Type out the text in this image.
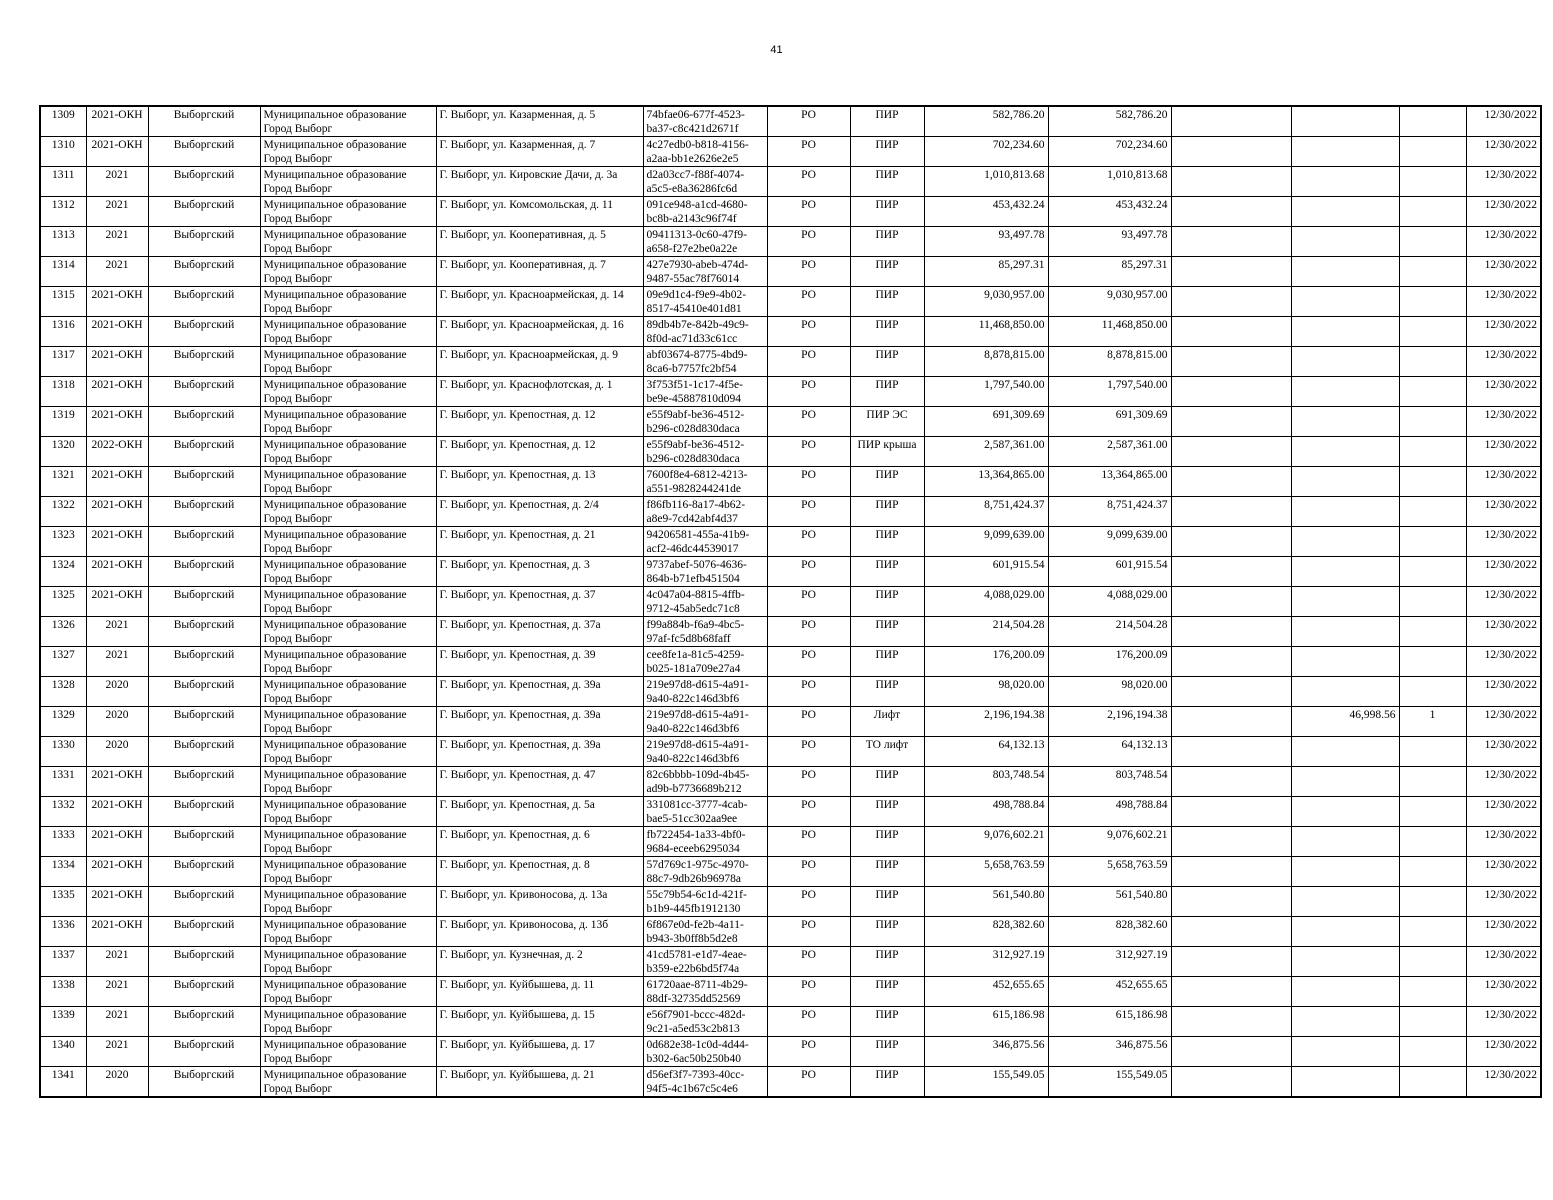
41
1309	2021-ОКН	Выборгский	Муниципальное образование Город Выборг	Г. Выборг, ул. Казарменная, д. 5	74bfae06-677f-4523-ba37-c8c421d2671f	РО	ПИР	582,786.20	582,786.20				12/30/2022
1310	2021-ОКН	Выборгский	Муниципальное образование Город Выборг	Г. Выборг, ул. Казарменная, д. 7	4c27edb0-b818-4156-a2aa-bb1e2626e2e5	РО	ПИР	702,234.60	702,234.60				12/30/2022
1311	2021	Выборгский	Муниципальное образование Город Выборг	Г. Выборг, ул. Кировские Дачи, д. 3а	d2a03cc7-f88f-4074-a5c5-e8a36286fc6d	РО	ПИР	1,010,813.68	1,010,813.68				12/30/2022
1312	2021	Выборгский	Муниципальное образование Город Выборг	Г. Выборг, ул. Комсомольская, д. 11	091ce948-a1cd-4680-bc8b-a2143c96f74f	РО	ПИР	453,432.24	453,432.24				12/30/2022
1313	2021	Выборгский	Муниципальное образование Город Выборг	Г. Выборг, ул. Кооперативная, д. 5	09411313-0c60-47f9-a658-f27e2be0a22e	РО	ПИР	93,497.78	93,497.78				12/30/2022
1314	2021	Выборгский	Муниципальное образование Город Выборг	Г. Выборг, ул. Кооперативная, д. 7	427e7930-abeb-474d-9487-55ac78f76014	РО	ПИР	85,297.31	85,297.31				12/30/2022
1315	2021-ОКН	Выборгский	Муниципальное образование Город Выборг	Г. Выборг, ул. Красноармейская, д. 14	09e9d1c4-f9e9-4b02-8517-45410e401d81	РО	ПИР	9,030,957.00	9,030,957.00				12/30/2022
1316	2021-ОКН	Выборгский	Муниципальное образование Город Выборг	Г. Выборг, ул. Красноармейская, д. 16	89db4b7e-842b-49c9-8f0d-ac71d33c61cc	РО	ПИР	11,468,850.00	11,468,850.00				12/30/2022
1317	2021-ОКН	Выборгский	Муниципальное образование Город Выборг	Г. Выборг, ул. Красноармейская, д. 9	abf03674-8775-4bd9-8ca6-b7757fc2bf54	РО	ПИР	8,878,815.00	8,878,815.00				12/30/2022
1318	2021-ОКН	Выборгский	Муниципальное образование Город Выборг	Г. Выборг, ул. Краснофлотская, д. 1	3f753f51-1c17-4f5e-be9e-45887810d094	РО	ПИР	1,797,540.00	1,797,540.00				12/30/2022
1319	2021-ОКН	Выборгский	Муниципальное образование Город Выборг	Г. Выборг, ул. Крепостная, д. 12	e55f9abf-be36-4512-b296-c028d830daca	РО	ПИР ЭС	691,309.69	691,309.69				12/30/2022
1320	2022-ОКН	Выборгский	Муниципальное образование Город Выборг	Г. Выборг, ул. Крепостная, д. 12	e55f9abf-be36-4512-b296-c028d830daca	РО	ПИР крыша	2,587,361.00	2,587,361.00				12/30/2022
1321	2021-ОКН	Выборгский	Муниципальное образование Город Выборг	Г. Выборг, ул. Крепостная, д. 13	7600f8e4-6812-4213-a551-9828244241de	РО	ПИР	13,364,865.00	13,364,865.00				12/30/2022
1322	2021-ОКН	Выборгский	Муниципальное образование Город Выборг	Г. Выборг, ул. Крепостная, д. 2/4	f86fb116-8a17-4b62-a8e9-7cd42abf4d37	РО	ПИР	8,751,424.37	8,751,424.37				12/30/2022
1323	2021-ОКН	Выборгский	Муниципальное образование Город Выборг	Г. Выборг, ул. Крепостная, д. 21	94206581-455a-41b9-acf2-46dc44539017	РО	ПИР	9,099,639.00	9,099,639.00				12/30/2022
1324	2021-ОКН	Выборгский	Муниципальное образование Город Выборг	Г. Выборг, ул. Крепостная, д. 3	9737abef-5076-4636-864b-b71efb451504	РО	ПИР	601,915.54	601,915.54				12/30/2022
1325	2021-ОКН	Выборгский	Муниципальное образование Город Выборг	Г. Выборг, ул. Крепостная, д. 37	4c047a04-8815-4ffb-9712-45ab5edc71c8	РО	ПИР	4,088,029.00	4,088,029.00				12/30/2022
1326	2021	Выборгский	Муниципальное образование Город Выборг	Г. Выборг, ул. Крепостная, д. 37а	f99a884b-f6a9-4bc5-97af-fc5d8b68faff	РО	ПИР	214,504.28	214,504.28				12/30/2022
1327	2021	Выборгский	Муниципальное образование Город Выборг	Г. Выборг, ул. Крепостная, д. 39	cee8fe1a-81c5-4259-b025-181a709e27a4	РО	ПИР	176,200.09	176,200.09				12/30/2022
1328	2020	Выборгский	Муниципальное образование Город Выборг	Г. Выборг, ул. Крепостная, д. 39а	219e97d8-d615-4a91-9a40-822c146d3bf6	РО	ПИР	98,020.00	98,020.00				12/30/2022
1329	2020	Выборгский	Муниципальное образование Город Выборг	Г. Выборг, ул. Крепостная, д. 39а	219e97d8-d615-4a91-9a40-822c146d3bf6	РО	Лифт	2,196,194.38	2,196,194.38		46,998.56	1	12/30/2022
1330	2020	Выборгский	Муниципальное образование Город Выборг	Г. Выборг, ул. Крепостная, д. 39а	219e97d8-d615-4a91-9a40-822c146d3bf6	РО	ТО лифт	64,132.13	64,132.13				12/30/2022
1331	2021-ОКН	Выборгский	Муниципальное образование Город Выборг	Г. Выборг, ул. Крепостная, д. 47	82c6bbbb-109d-4b45-ad9b-b7736689b212	РО	ПИР	803,748.54	803,748.54				12/30/2022
1332	2021-ОКН	Выборгский	Муниципальное образование Город Выборг	Г. Выборг, ул. Крепостная, д. 5а	331081cc-3777-4cab-bae5-51cc302aa9ee	РО	ПИР	498,788.84	498,788.84				12/30/2022
1333	2021-ОКН	Выборгский	Муниципальное образование Город Выборг	Г. Выборг, ул. Крепостная, д. 6	fb722454-1a33-4bf0-9684-eceeb6295034	РО	ПИР	9,076,602.21	9,076,602.21				12/30/2022
1334	2021-ОКН	Выборгский	Муниципальное образование Город Выборг	Г. Выборг, ул. Крепостная, д. 8	57d769c1-975c-4970-88c7-9db26b96978a	РО	ПИР	5,658,763.59	5,658,763.59				12/30/2022
1335	2021-ОКН	Выборгский	Муниципальное образование Город Выборг	Г. Выборг, ул. Кривоносова, д. 13а	55c79b54-6c1d-421f-b1b9-445fb1912130	РО	ПИР	561,540.80	561,540.80				12/30/2022
1336	2021-ОКН	Выборгский	Муниципальное образование Город Выборг	Г. Выборг, ул. Кривоносова, д. 13б	6f867e0d-fe2b-4a11-b943-3b0ff8b5d2e8	РО	ПИР	828,382.60	828,382.60				12/30/2022
1337	2021	Выборгский	Муниципальное образование Город Выборг	Г. Выборг, ул. Кузнечная, д. 2	41cd5781-e1d7-4eae-b359-e22b6bd5f74a	РО	ПИР	312,927.19	312,927.19				12/30/2022
1338	2021	Выборгский	Муниципальное образование Город Выборг	Г. Выборг, ул. Куйбышева, д. 11	61720aae-8711-4b29-88df-32735dd52569	РО	ПИР	452,655.65	452,655.65				12/30/2022
1339	2021	Выборгский	Муниципальное образование Город Выборг	Г. Выборг, ул. Куйбышева, д. 15	e56f7901-bccc-482d-9c21-a5ed53c2b813	РО	ПИР	615,186.98	615,186.98				12/30/2022
1340	2021	Выборгский	Муниципальное образование Город Выборг	Г. Выборг, ул. Куйбышева, д. 17	0d682e38-1c0d-4d44-b302-6ac50b250b40	РО	ПИР	346,875.56	346,875.56				12/30/2022
1341	2020	Выборгский	Муниципальное образование Город Выборг	Г. Выборг, ул. Куйбышева, д. 21	d56ef3f7-7393-40cc-94f5-4c1b67c5c4e6	РО	ПИР	155,549.05	155,549.05				12/30/2022
